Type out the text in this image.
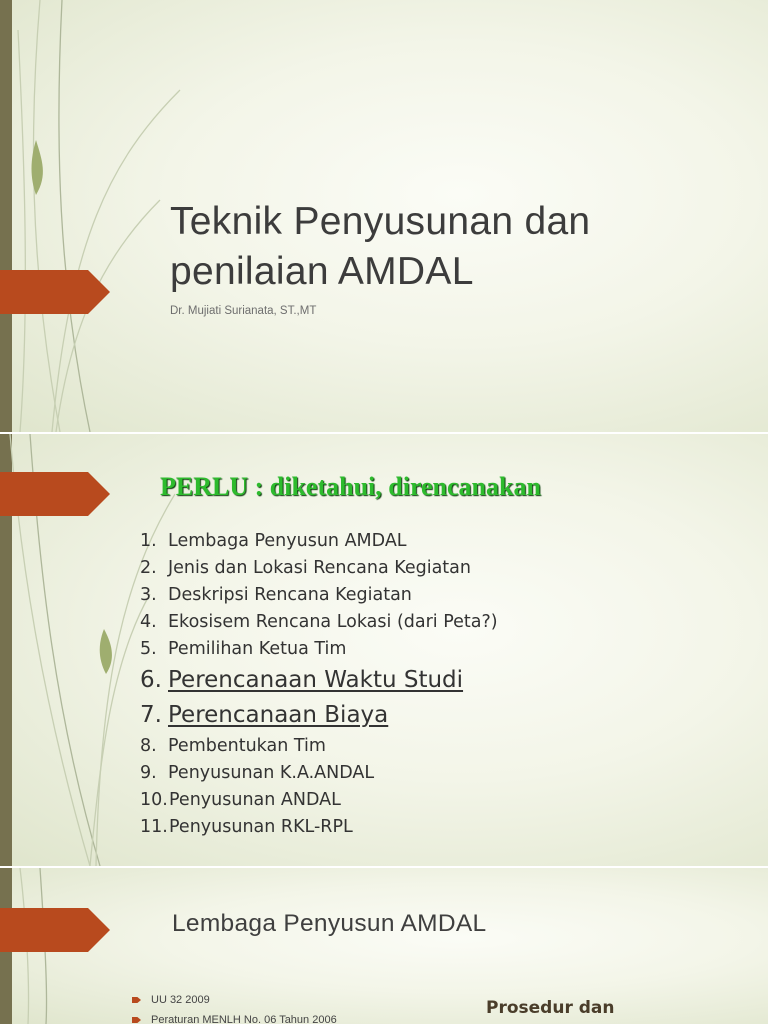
Teknik Penyusunan dan
penilaian AMDAL
Dr. Mujiati Surianata, ST.,MT
PERLU : diketahui, direncanakan
1. Lembaga Penyusun AMDAL
2. Jenis dan Lokasi Rencana Kegiatan
3. Deskripsi Rencana Kegiatan
4. Ekosisem Rencana Lokasi (dari Peta?)
5. Pemilihan Ketua Tim
6. Perencanaan Waktu Studi
7. Perencanaan Biaya
8. Pembentukan Tim
9. Penyusunan K.A.ANDAL
10.Penyusunan ANDAL
11.Penyusunan RKL-RPL
Lembaga Penyusun AMDAL
UU 32 2009
Peraturan MENLH No. 06 Tahun 2006
Prosedur dan
